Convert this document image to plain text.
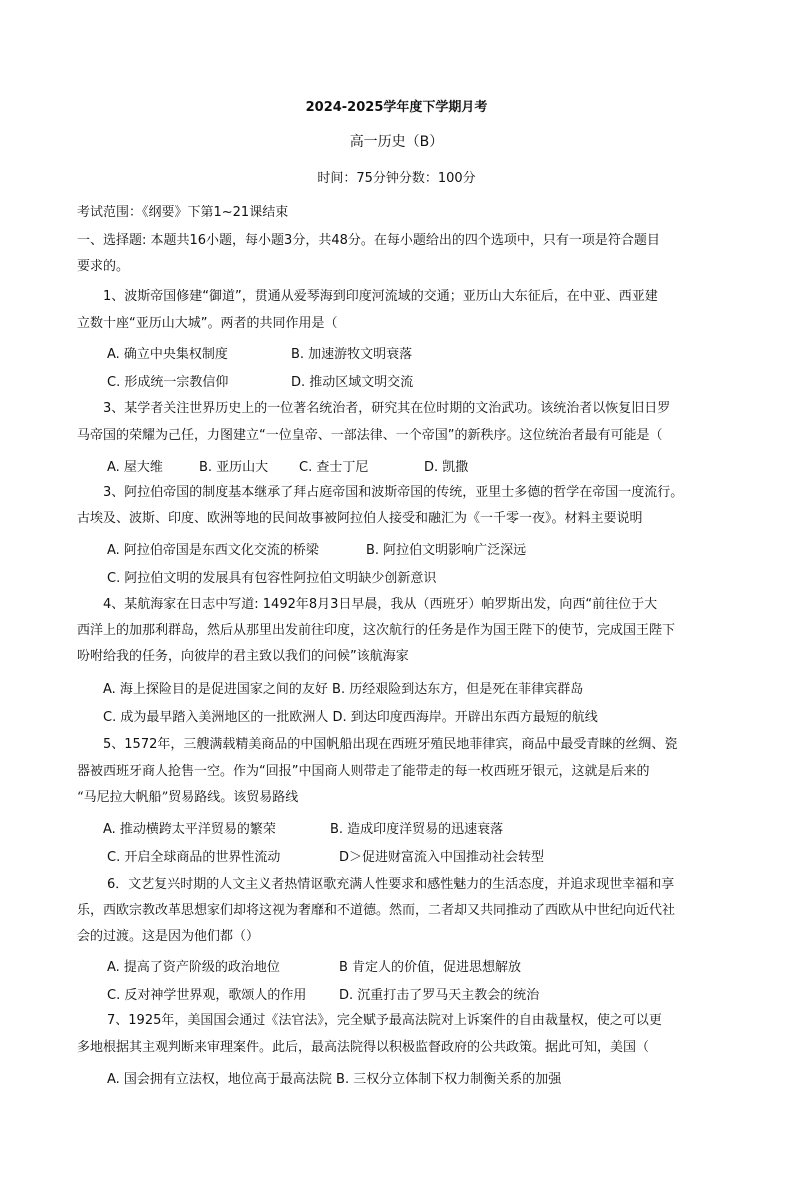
2024-2025学年度下学期月考
高一历史（B）
时间：75分钟分数：100分
考试范围：《纲要》下第1~21课结束
一、选择题: 本题共16小题，每小题3分，共48分。在每小题给出的四个选项中，只有一项是符合题目
要求的。
1、波斯帝国修建“御道”，贯通从爱琴海到印度河流域的交通；亚历山大东征后，在中亚、西亚建
立数十座“亚历山大城”。两者的共同作用是（
A. 确立中央集权制度	B. 加速游牧文明衰落
C. 形成统一宗教信仰	D. 推动区域文明交流
3、某学者关注世界历史上的一位著名统治者，研究其在位时期的文治武功。该统治者以恢复旧日罗
马帝国的荣耀为己任，力图建立“一位皇帝、一部法律、一个帝国”的新秩序。这位统治者最有可能是（
A. 屋大维	B. 亚历山大 C. 查士丁尼	D. 凯撒
3、阿拉伯帝国的制度基本继承了拜占庭帝国和波斯帝国的传统，亚里士多德的哲学在帝国一度流行。
古埃及、波斯、印度、欧洲等地的民间故事被阿拉伯人接受和融汇为《一千零一夜》。材料主要说明
A. 阿拉伯帝国是东西文化交流的桥梁	B. 阿拉伯文明影响广泛深远
C. 阿拉伯文明的发展具有包容性阿拉伯文明缺少创新意识
4、某航海家在日志中写道: 1492年8月3日早晨，我从（西班牙）帕罗斯出发，向西“前往位于大
西洋上的加那利群岛，然后从那里出发前往印度，这次航行的任务是作为国王陛下的使节，完成国王陛下
吩咐给我的任务，向彼岸的君主致以我们的问候”该航海家
A. 海上探险目的是促进国家之间的友好 B. 历经艰险到达东方，但是死在菲律宾群岛
C. 成为最早踏入美洲地区的一批欧洲人 D. 到达印度西海岸。开辟出东西方最短的航线
5、1572年，三艘满载精美商品的中国帆船出现在西班牙殖民地菲律宾，商品中最受青睐的丝绸、瓷
器被西班牙商人抢售一空。作为“回报”中国商人则带走了能带走的每一枚西班牙银元，这就是后来的
“马尼拉大帆船”贸易路线。该贸易路线
A. 推动横跨太平洋贸易的繁荣	B. 造成印度洋贸易的迅速衰落
C. 开启全球商品的世界性流动	D＞促进财富流入中国推动社会转型
6．文艺复兴时期的人文主义者热情讴歌充满人性要求和感性魅力的生活态度，并追求现世幸福和享
乐，西欧宗教改革思想家们却将这视为奢靡和不道德。然而，二者却又共同推动了西欧从中世纪向近代社
会的过渡。这是因为他们都（）
A. 提高了资产阶级的政治地位	B 肯定人的价值，促进思想解放
C. 反对神学世界观，歌颂人的作用	D. 沉重打击了罗马天主教会的统治
7、1925年，美国国会通过《法官法》，完全赋予最高法院对上诉案件的自由裁量权，使之可以更
多地根据其主观判断来审理案件。此后，最高法院得以积极监督政府的公共政策。据此可知，美国（
A. 国会拥有立法权，地位高于最高法院 B. 三权分立体制下权力制衡关系的加强
